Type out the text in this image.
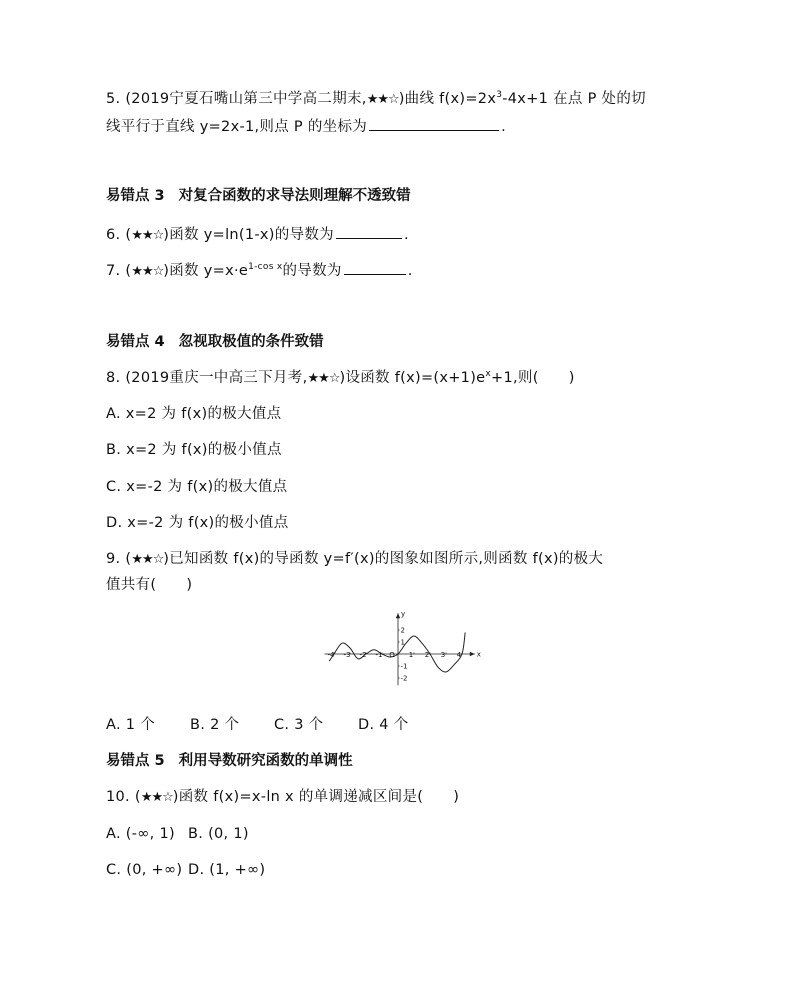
5. (2019宁夏石嘴山第三中学高二期末,★★☆)曲线 $f(x)=2x^3-4x+1$ 在点 P 处的切
线平行于直线 y=2x-1,则点 P 的坐标为	.
易错点 3 对复合函数的求导法则理解不透致错
6. (★★☆)函数 y=ln(1-x)的导数为	.
7. (★★☆)函数 $y=x\cdot e^{1-cos x}$的导数为	.
易错点 4 忽视取极值的条件致错
8. (2019重庆一中高三下月考,★★☆)设函数 $f(x)=(x+1)e^x+1$,则( )
A. x=2 为 f(x)的极大值点
B. x=2 为 f(x)的极小值点
C. x=-2 为 f(x)的极大值点
D. x=-2 为 f(x)的极小值点
9. (★★☆)已知函数 f(x)的导函数 y=f′(x)的图象如图所示,则函数 f(x)的极大
值共有( )
-4 -3 -2 -1 O 1 2 3 4
2
1
-1
-2
x
y
A. 1 个 B. 2 个 C. 3 个 D. 4 个
易错点 5 利用导数研究函数的单调性
10. (★★☆)函数 f(x)=x-ln x 的单调递减区间是( )
A. (-∞, 1) B. (0, 1)
C. (0, +∞) D. (1, +∞)
